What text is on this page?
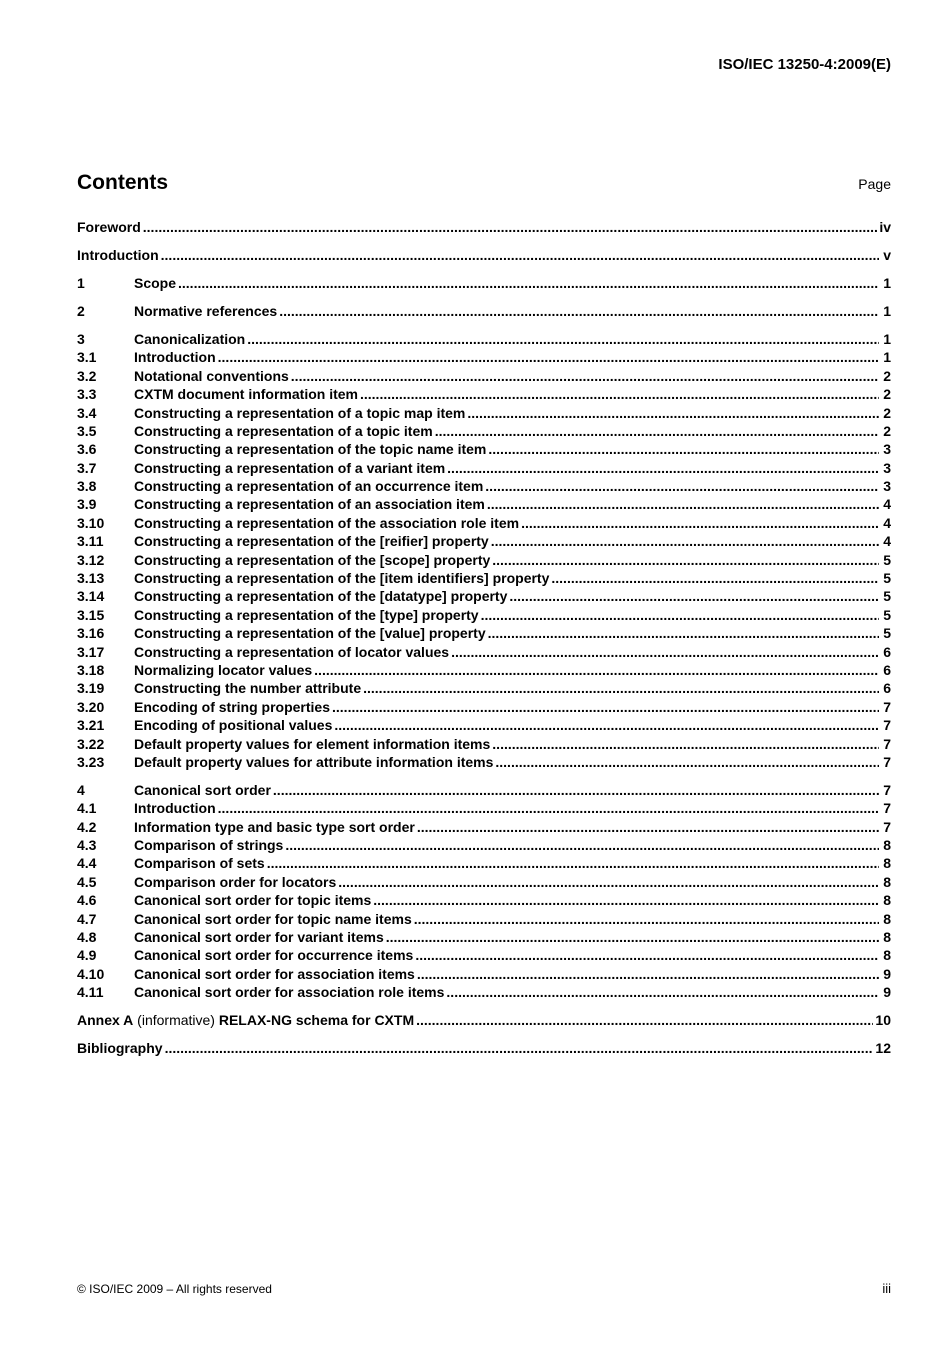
ISO/IEC 13250-4:2009(E)
Contents	Page
Foreword .....	iv
Introduction .....	v
1	Scope .....	1
2	Normative references .....	1
3	Canonicalization .....	1
3.1	Introduction .....	1
3.2	Notational conventions .....	2
3.3	CXTM document information item .....	2
3.4	Constructing a representation of a topic map item .....	2
3.5	Constructing a representation of a topic item .....	2
3.6	Constructing a representation of the topic name item .....	3
3.7	Constructing a representation of a variant item .....	3
3.8	Constructing a representation of an occurrence item .....	3
3.9	Constructing a representation of an association item .....	4
3.10	Constructing a representation of the association role item .....	4
3.11	Constructing a representation of the [reifier] property .....	4
3.12	Constructing a representation of the [scope] property .....	5
3.13	Constructing a representation of the [item identifiers] property .....	5
3.14	Constructing a representation of the [datatype] property .....	5
3.15	Constructing a representation of the [type] property .....	5
3.16	Constructing a representation of the [value] property .....	5
3.17	Constructing a representation of locator values .....	6
3.18	Normalizing locator values .....	6
3.19	Constructing the number attribute .....	6
3.20	Encoding of string properties .....	7
3.21	Encoding of positional values .....	7
3.22	Default property values for element information items .....	7
3.23	Default property values for attribute information items .....	7
4	Canonical sort order .....	7
4.1	Introduction .....	7
4.2	Information type and basic type sort order .....	7
4.3	Comparison of strings .....	8
4.4	Comparison of sets .....	8
4.5	Comparison order for locators .....	8
4.6	Canonical sort order for topic items .....	8
4.7	Canonical sort order for topic name items .....	8
4.8	Canonical sort order for variant items .....	8
4.9	Canonical sort order for occurrence items .....	8
4.10	Canonical sort order for association items .....	9
4.11	Canonical sort order for association role items .....	9
Annex A (informative) RELAX-NG schema for CXTM .....	10
Bibliography .....	12
© ISO/IEC 2009 – All rights reserved	iii
